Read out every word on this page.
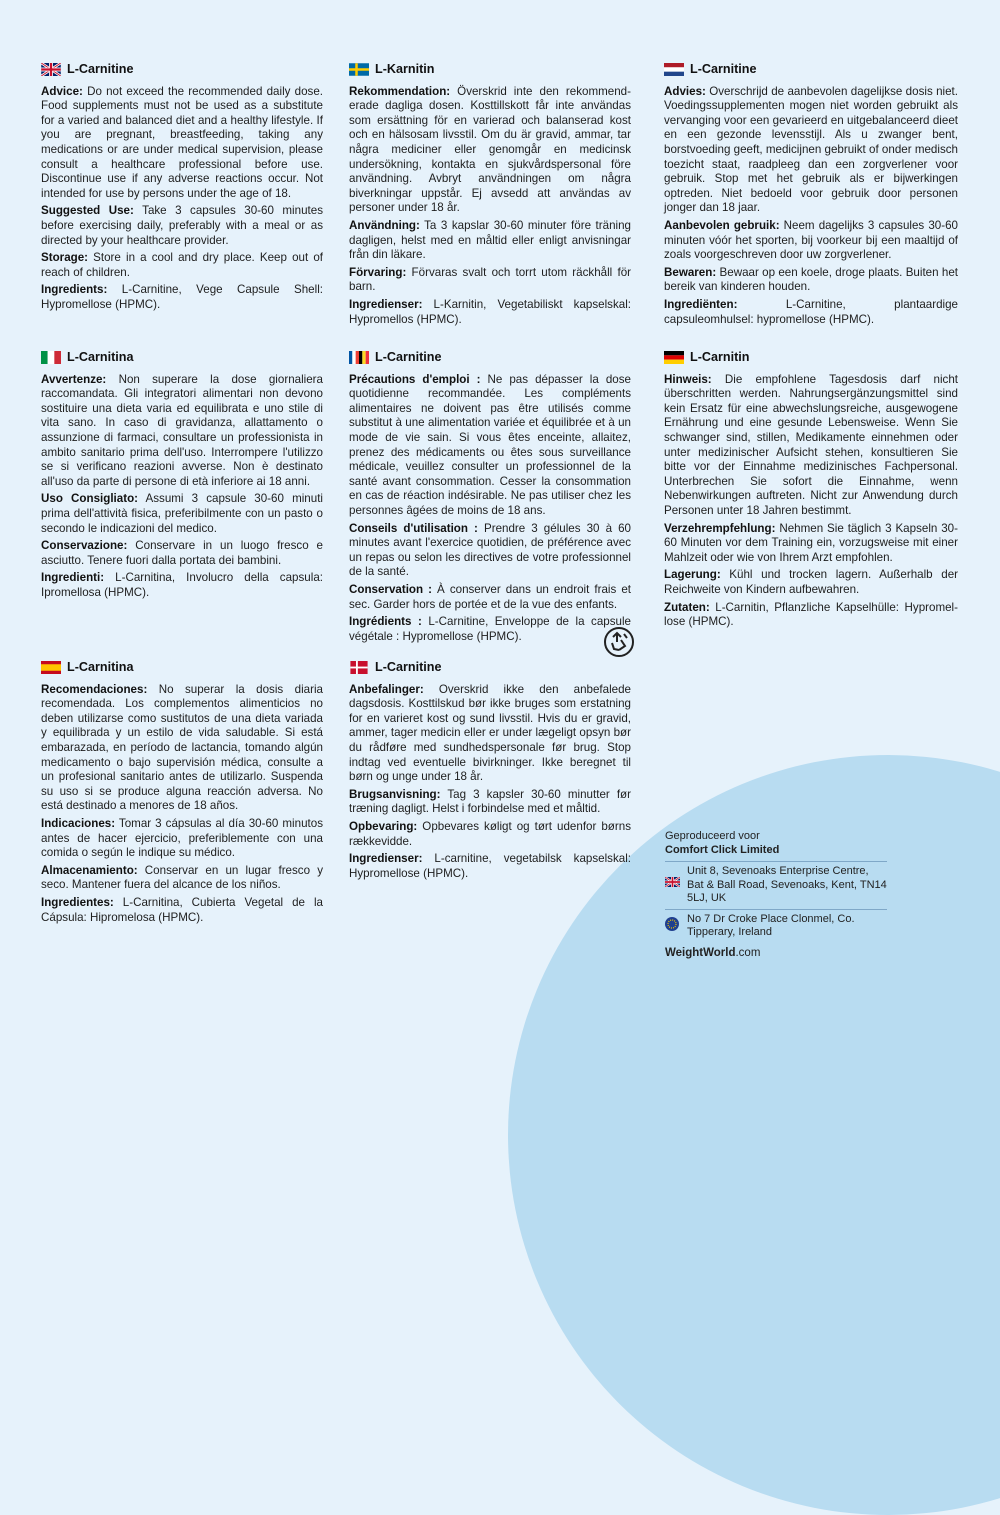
L-Carnitine

Advice: Do not exceed the recommended daily dose. Food supplements must not be used as a substitute for a varied and balanced diet and a healthy lifestyle. If you are pregnant, breastfeeding, taking any medications or are under medical supervision, please consult a healthcare professional before use. Discontinue use if any adverse reactions occur. Not intended for use by persons under the age of 18.

Suggested Use: Take 3 capsules 30-60 minutes before exercising daily, preferably with a meal or as directed by your healthcare provider.

Storage: Store in a cool and dry place. Keep out of reach of children.

Ingredients: L-Carnitine, Vege Capsule Shell: Hypromellose (HPMC).

L-Karnitin

Rekommendation: Överskrid inte den rekommend-erade dagliga dosen. Kosttillskott får inte användas som ersättning för en varierad och balanserad kost och en hälsosam livsstil. Om du är gravid, ammar, tar några mediciner eller genomgår en medicinsk undersökning, kontakta en sjukvårdspersonal före användning. Avbryt användningen om några biverkningar uppstår. Ej avsedd att användas av personer under 18 år.

Användning: Ta 3 kapslar 30-60 minuter före träning dagligen, helst med en måltid eller enligt anvisningar från din läkare.

Förvaring: Förvaras svalt och torrt utom räckhåll för barn.

Ingredienser: L-Karnitin, Vegetabiliskt kapselskal: Hypromellos (HPMC).

L-Carnitine

Advies: Overschrijd de aanbevolen dagelijkse dosis niet. Voedingssupplementen mogen niet worden gebruikt als vervanging voor een gevarieerd en uitgebalanceerd dieet en een gezonde levensstijl. Als u zwanger bent, borstvoeding geeft, medicijnen gebruikt of onder medisch toezicht staat, raadpleeg dan een zorgverlener voor gebruik. Stop met het gebruik als er bijwerkingen optreden. Niet bedoeld voor gebruik door personen jonger dan 18 jaar.

Aanbevolen gebruik: Neem dagelijks 3 capsules 30-60 minuten vóór het sporten, bij voorkeur bij een maaltijd of zoals voorgeschreven door uw zorgverlener.

Bewaren: Bewaar op een koele, droge plaats. Buiten het bereik van kinderen houden.

Ingrediënten: L-Carnitine, plantaardige capsuleomhulsel: hypromellose (HPMC).

L-Carnitina

Avvertenze: Non superare la dose giornaliera raccomandata. Gli integratori alimentari non devono sostituire una dieta varia ed equilibrata e uno stile di vita sano. In caso di gravidanza, allattamento o assunzione di farmaci, consultare un professionista in ambito sanitario prima dell'uso. Interrompere l'utilizzo se si verificano reazioni avverse. Non è destinato all'uso da parte di persone di età inferiore ai 18 anni.

Uso Consigliato: Assumi 3 capsule 30-60 minuti prima dell'attività fisica, preferibilmente con un pasto o secondo le indicazioni del medico.

Conservazione: Conservare in un luogo fresco e asciutto. Tenere fuori dalla portata dei bambini.

Ingredienti: L-Carnitina, Involucro della capsula: Ipromellosa (HPMC).

L-Carnitine

Précautions d'emploi : Ne pas dépasser la dose quotidienne recommandée. Les compléments alimentaires ne doivent pas être utilisés comme substitut à une alimentation variée et équilibrée et à un mode de vie sain. Si vous êtes enceinte, allaitez, prenez des médicaments ou êtes sous surveillance médicale, veuillez consulter un professionnel de la santé avant consommation. Cesser la consommation en cas de réaction indésirable. Ne pas utiliser chez les personnes âgées de moins de 18 ans.

Conseils d'utilisation : Prendre 3 gélules 30 à 60 minutes avant l'exercice quotidien, de préférence avec un repas ou selon les directives de votre professionnel de la santé.

Conservation : À conserver dans un endroit frais et sec. Garder hors de portée et de la vue des enfants.

Ingrédients : L-Carnitine, Enveloppe de la capsule végétale : Hypromellose (HPMC).

L-Carnitin

Hinweis: Die empfohlene Tagesdosis darf nicht überschritten werden. Nahrungsergänzungsmittel sind kein Ersatz für eine abwechslungsreiche, ausgewogene Ernährung und eine gesunde Lebensweise. Wenn Sie schwanger sind, stillen, Medikamente einnehmen oder unter medizinischer Aufsicht stehen, konsultieren Sie bitte vor der Einnahme medizinisches Fachpersonal. Unterbrechen Sie sofort die Einnahme, wenn Nebenwirkungen auftreten. Nicht zur Anwendung durch Personen unter 18 Jahren bestimmt.

Verzehrempfehlung: Nehmen Sie täglich 3 Kapseln 30-60 Minuten vor dem Training ein, vorzugsweise mit einer Mahlzeit oder wie von Ihrem Arzt empfohlen.

Lagerung: Kühl und trocken lagern. Außerhalb der Reichweite von Kindern aufbewahren.

Zutaten: L-Carnitin, Pflanzliche Kapselhülle: Hypromel-lose (HPMC).

L-Carnitina

Recomendaciones: No superar la dosis diaria recomendada. Los complementos alimenticios no deben utilizarse como sustitutos de una dieta variada y equilibrada y un estilo de vida saludable. Si está embarazada, en período de lactancia, tomando algún medicamento o bajo supervisión médica, consulte a un profesional sanitario antes de utilizarlo. Suspenda su uso si se produce alguna reacción adversa. No está destinado a menores de 18 años.

Indicaciones: Tomar 3 cápsulas al día 30-60 minutos antes de hacer ejercicio, preferiblemente con una comida o según le indique su médico.

Almacenamiento: Conservar en un lugar fresco y seco. Mantener fuera del alcance de los niños.

Ingredientes: L-Carnitina, Cubierta Vegetal de la Cápsula: Hipromelosa (HPMC).

L-Carnitine

Anbefalinger: Overskrid ikke den anbefalede dagsdosis. Kosttilskud bør ikke bruges som erstatning for en varieret kost og sund livsstil. Hvis du er gravid, ammer, tager medicin eller er under lægeligt opsyn bør du rådføre med sundhedspersonale før brug. Stop indtag ved eventuelle bivirkninger. Ikke beregnet til børn og unge under 18 år.

Brugsanvisning: Tag 3 kapsler 30-60 minutter før træning dagligt. Helst i forbindelse med et måltid.

Opbevaring: Opbevares køligt og tørt udenfor børns rækkevidde.

Ingredienser: L-carnitine, vegetabilsk kapselskal: Hypromellose (HPMC).

Geproduceerd voor
Comfort Click Limited
Unit 8, Sevenoaks Enterprise Centre, Bat & Ball Road, Sevenoaks, Kent, TN14 5LJ, UK
No 7 Dr Croke Place Clonmel, Co. Tipperary, Ireland
WeightWorld.com
